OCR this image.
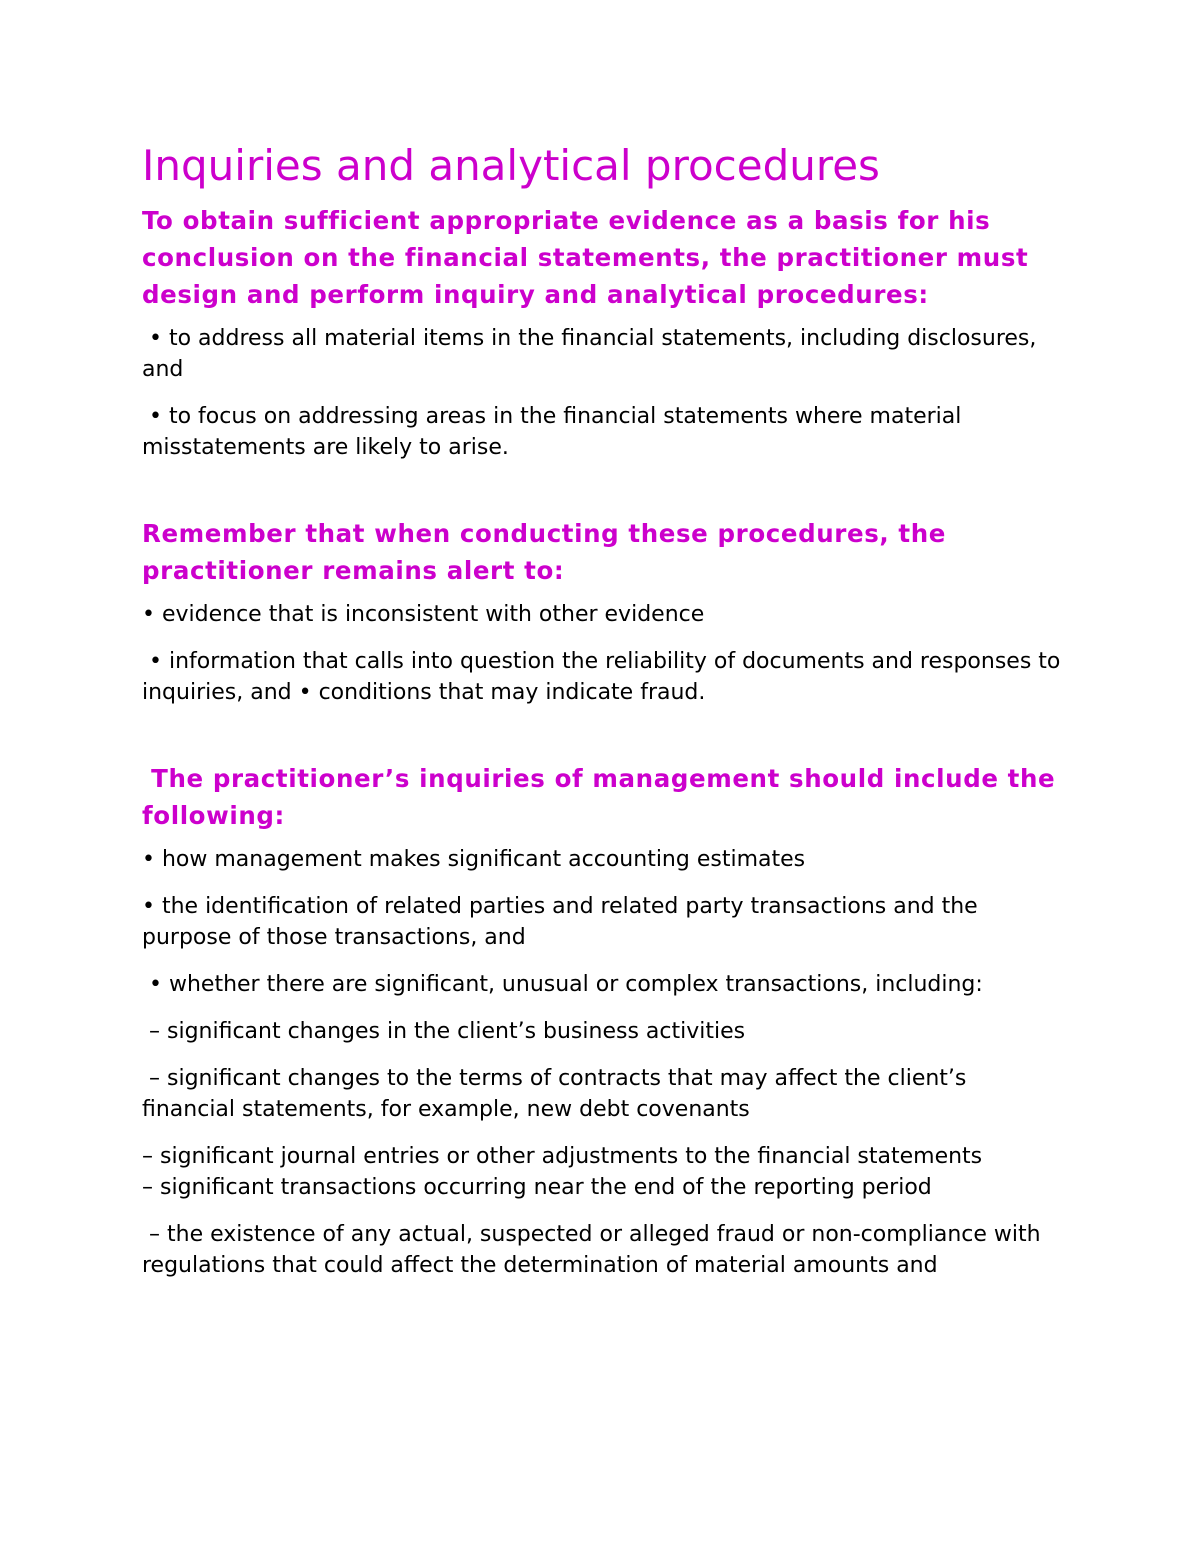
Inquiries and analytical procedures
To obtain sufficient appropriate evidence as a basis for his conclusion on the financial statements, the practitioner must design and perform inquiry and analytical procedures:

• to address all material items in the financial statements, including disclosures, and

• to focus on addressing areas in the financial statements where material misstatements are likely to arise.

Remember that when conducting these procedures, the practitioner remains alert to:

• evidence that is inconsistent with other evidence

• information that calls into question the reliability of documents and responses to inquiries, and • conditions that may indicate fraud.

The practitioner’s inquiries of management should include the following:

• how management makes significant accounting estimates

• the identification of related parties and related party transactions and the purpose of those transactions, and

• whether there are significant, unusual or complex transactions, including:

– significant changes in the client’s business activities

– significant changes to the terms of contracts that may affect the client’s financial statements, for example, new debt covenants

– significant journal entries or other adjustments to the financial statements

– significant transactions occurring near the end of the reporting period

– the existence of any actual, suspected or alleged fraud or non-compliance with regulations that could affect the determination of material amounts and
